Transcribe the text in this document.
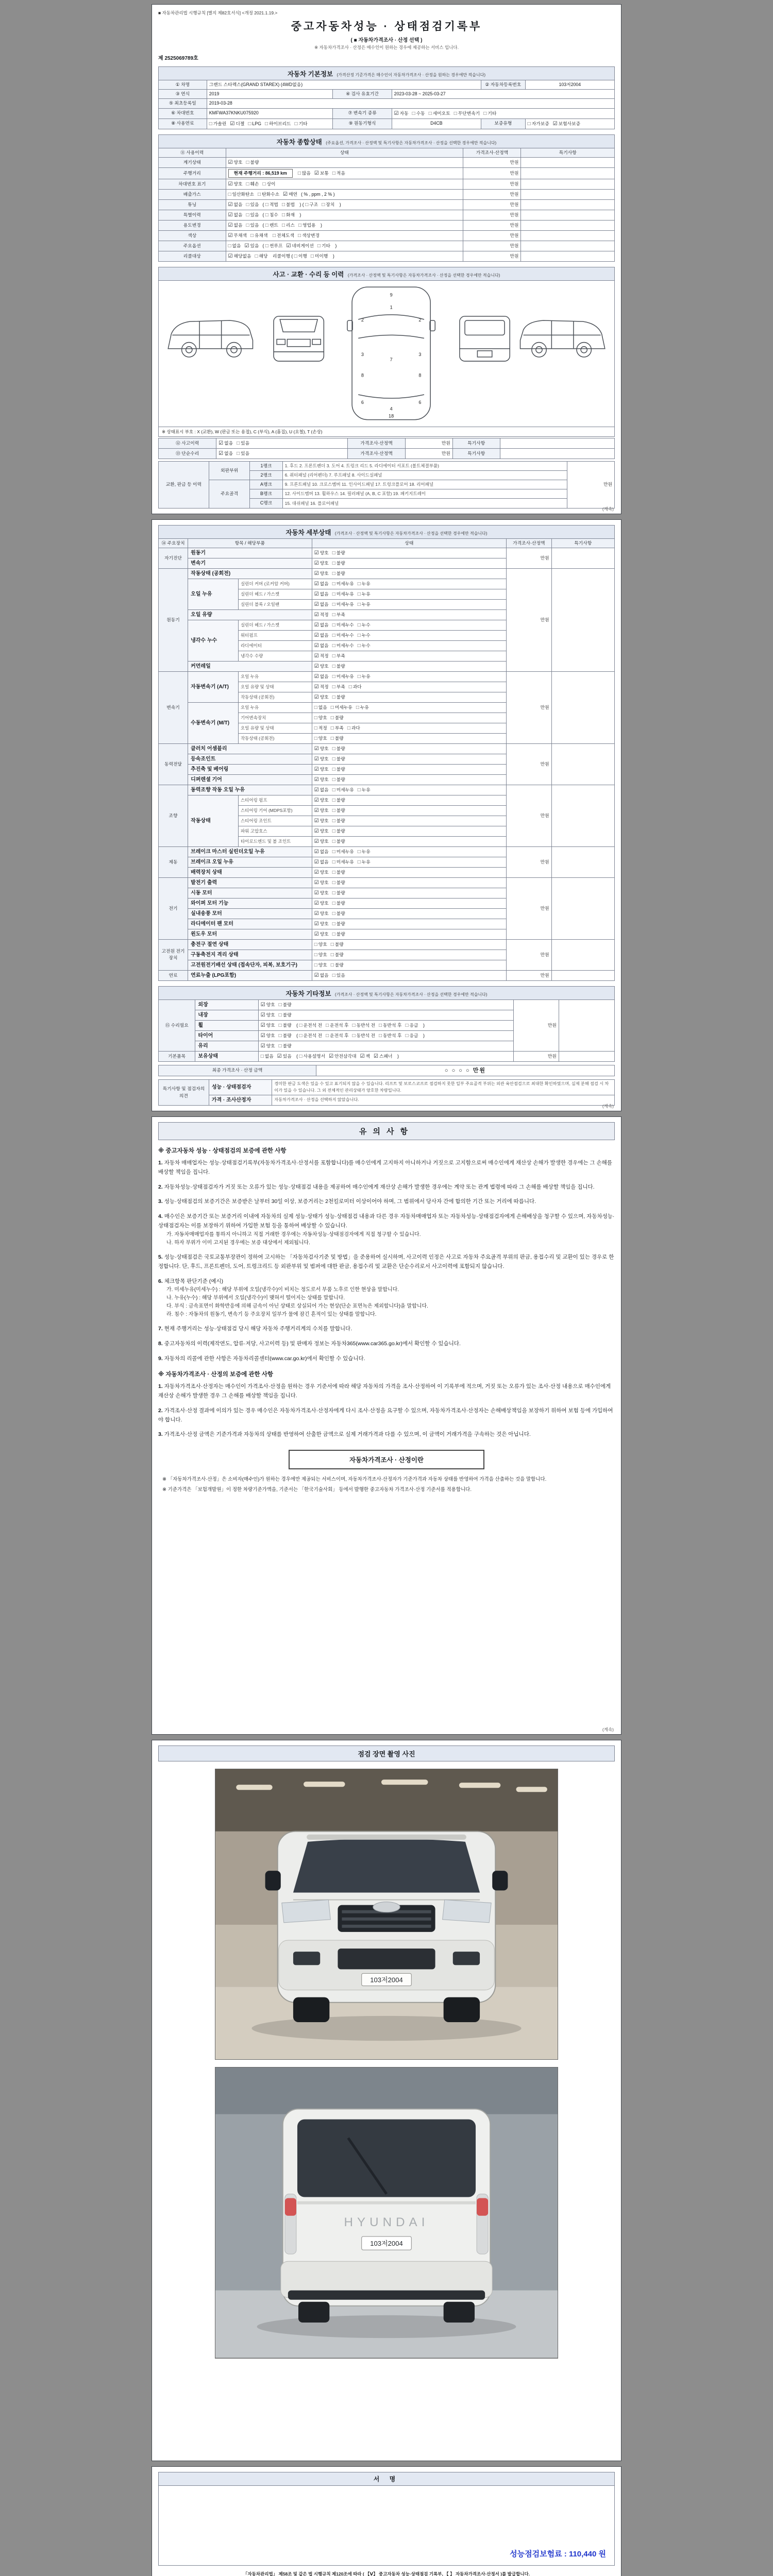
■ 자동차관리법 시행규칙 [별지 제82호서식] <개정 2021.1.19.>
중고자동차성능 · 상태점검기록부
( ■ 자동차가격조사 · 산정 선택 )
※ 자동차가격조사 · 산정은 매수인이 원하는 경우에 제공하는 서비스 입니다.
제 2525069789호
자동차 기본정보 (가격산정 기준가격은 매수인이 자동차가격조사 · 산정을 원하는 경우에만 적습니다)
① 차명	그랜드 스타렉스(GRAND STAREX) (4WD없음)			② 자동차등록번호	103저2004
③ 연식	2019	④ 검사 유효기간	2023-03-28 ~ 2025-03-27		
⑤ 최초등록일	2019-03-28				
⑥ 차대번호	KMFWA37KNKU075920	⑦ 변속기 종류	☑ 자동 □ 수동 □ 세미오토 □ 무단변속기 □ 기타		
⑧ 사용연료	□ 가솔린 ☑ 디젤 □ LPG □ 하이브리드 □ 기타	⑨ 원동기형식	D4CB	보증유형	□ 자가보증 ☑ 보험사보증
자동차 종합상태 (주요옵션, 가격조사 · 산정액 및 특기사항은 자동차가격조사 · 산정을 선택한 경우에만 적습니다)
⑪ 사용이력	상태	가격조사·산정액	특기사항
계기상태	☑ 양호 □ 불량	만원	
주행거리	현재 주행거리 : 86,519 km □ 많음 ☑ 보통 □ 적음	만원	
차대번호 표기	☑ 양호 □ 훼손 □ 상이	만원	
배출가스	□ 일산화탄소 □ 탄화수소 ☑ 매연 ( % , ppm , 2 % )	만원	
튜닝	☑ 없음 □ 있음 ( □ 적법 □ 불법 ) ( □ 구조 □ 장치 )	만원	
특별이력	☑ 없음 □ 있음 ( □ 침수 □ 화재 )	만원	
용도변경	☑ 없음 □ 있음 ( □ 렌트 □ 리스 □ 영업용 )	만원	
색상	☑ 무채색 □ 유채색 □ 전체도색 □ 색상변경	만원	
주요옵션	□ 없음 ☑ 있음 ( □ 썬루프 ☑ 네비게이션 □ 기타 )	만원	
리콜대상	☑ 해당없음 □ 해당 리콜이행 ( □ 이행 □ 미이행 )	만원	
사고 · 교환 · 수리 등 이력 (가격조사 · 산정액 및 특기사항은 자동차가격조사 · 산정을 선택한 경우에만 적습니다)
9
1
2	2
3	3
7
8	8
6	6
4
18
※ 상태표시 부호 : X (교환), W (판금 또는 용접), C (부식), A (흠집), U (요철), T (손상)
⑫ 사고이력	☑ 없음 □ 있음	가격조사·산정액	만원	특기사항	
⑬ 단순수리	☑ 없음 □ 있음	가격조사·산정액	만원	특기사항	
교환, 판금 등 이력	외판부위	1랭크	1. 후드 2. 프론트펜더 3. 도어 4. 트렁크 리드 5. 라디에이터 서포트 (볼트체결부품)	만원
		2랭크	6. 쿼터패널 (리어펜더) 7. 루프패널 8. 사이드실패널	
	주요골격	A랭크	9. 프론트패널 10. 크로스멤버 11. 인사이드패널 17. 트렁크플로어 18. 리어패널	
		B랭크	12. 사이드멤버 13. 휠하우스 14. 필러패널 (A, B, C 포함) 19. 패키지트레이	
		C랭크	15. 대쉬패널 16. 플로어패널	
(계속)
자동차 세부상태 (가격조사 · 산정액 및 특기사항은 자동차가격조사 · 산정을 선택한 경우에만 적습니다)
⑭ 주요장치	항목 / 해당부품		상태	가격조사·산정액	특기사항
자기진단	원동기		☑ 양호 □ 불량	만원	
	변속기		☑ 양호 □ 불량		
원동기	작동상태 (공회전)		☑ 양호 □ 불량	만원	
	오일 누유	실린더 커버 (로커암 커버)	☑ 없음 □ 미세누유 □ 누유		
		실린더 헤드 / 가스켓	☑ 없음 □ 미세누유 □ 누유		
		실린더 블록 / 오일팬	☑ 없음 □ 미세누유 □ 누유		
	오일 유량		☑ 적정 □ 부족		
	냉각수 누수	실린더 헤드 / 가스켓	☑ 없음 □ 미세누수 □ 누수		
		워터펌프	☑ 없음 □ 미세누수 □ 누수		
		라디에이터	☑ 없음 □ 미세누수 □ 누수		
		냉각수 수량	☑ 적정 □ 부족		
	커먼레일		☑ 양호 □ 불량		
변속기	자동변속기 (A/T)	오일 누유	☑ 없음 □ 미세누유 □ 누유	만원	
		오일 유량 및 상태	☑ 적정 □ 부족 □ 과다		
		작동상태 (공회전)	☑ 양호 □ 불량		
	수동변속기 (M/T)	오일 누유	□ 없음 □ 미세누유 □ 누유		
		기어변속장치	□ 양호 □ 불량		
		오일 유량 및 상태	□ 적정 □ 부족 □ 과다		
		작동상태 (공회전)	□ 양호 □ 불량		
동력전달	클러치 어셈블리		☑ 양호 □ 불량	만원	
	등속조인트		☑ 양호 □ 불량		
	추진축 및 베어링		☑ 양호 □ 불량		
	디퍼렌셜 기어		☑ 양호 □ 불량		
조향	동력조향 작동 오일 누유		☑ 없음 □ 미세누유 □ 누유	만원	
	작동상태	스티어링 펌프	☑ 양호 □ 불량		
		스티어링 기어 (MDPS포함)	☑ 양호 □ 불량		
		스티어링 조인트	☑ 양호 □ 불량		
		파워 고압호스	☑ 양호 □ 불량		
		타이로드엔드 및 볼 조인트	☑ 양호 □ 불량		
제동	브레이크 마스터 실린더오일 누유		☑ 없음 □ 미세누유 □ 누유	만원	
	브레이크 오일 누유		☑ 없음 □ 미세누유 □ 누유		
	배력장치 상태		☑ 양호 □ 불량		
전기	발전기 출력		☑ 양호 □ 불량	만원	
	시동 모터		☑ 양호 □ 불량		
	와이퍼 모터 기능		☑ 양호 □ 불량		
	실내송풍 모터		☑ 양호 □ 불량		
	라디에이터 팬 모터		☑ 양호 □ 불량		
	윈도우 모터		☑ 양호 □ 불량		
고전원 전기장치	충전구 절연 상태		□ 양호 □ 불량	만원	
	구동축전지 격리 상태		□ 양호 □ 불량		
	고전원전기배선 상태 (접속단자, 피복, 보호기구)		□ 양호 □ 불량		
연료	연료누출 (LPG포함)		☑ 없음 □ 있음	만원	
자동차 기타정보 (가격조사 · 산정액 및 특기사항은 자동차가격조사 · 산정을 선택한 경우에만 적습니다)
⑮ 수리필요	외장	☑ 양호 □ 불량	만원	
	내장	☑ 양호 □ 불량		
	휠	☑ 양호 □ 불량 ( □ 운전석 전 □ 운전석 후 □ 동반석 전 □ 동반석 후 □ 응급 )		
	타이어	☑ 양호 □ 불량 ( □ 운전석 전 □ 운전석 후 □ 동반석 전 □ 동반석 후 □ 응급 )		
	유리	☑ 양호 □ 불량		
기본품목	보유상태	□ 없음 ☑ 있음 ( □ 사용설명서 ☑ 안전삼각대 ☑ 잭 ☑ 스패너 )	만원	
최종 가격조사 · 산정 금액	○ ○ ○ ○ 만원
특기사항 및 점검자의 의견	성능 · 상태점검자	경미한 판금 도색은 있을 수 있고 표기되지 않을 수 있습니다. 리프트 및 보로스코프로 점검하지 못한 일부 주요골격 부위는 외관 육안점검으로 최대한 확인하였으며, 실제 분해 점검 시 차이가 있을 수 있습니다. 그 외 전체적인 관리상태가 양호한 차량입니다.
	가격 · 조사산정자	자동차가격조사 · 산정을 선택하지 않았습니다.
(계속)
유의사항
※ 중고자동차 성능 · 상태점검의 보증에 관한 사항
1. 자동차 매매업자는 성능·상태점검기록부(자동차가격조사·산정서를 포함합니다)를 매수인에게 고지하지 아니하거나 거짓으로 고지함으로써 매수인에게 재산상 손해가 발생한 경우에는 그 손해를 배상할 책임을 집니다.
2. 자동차성능·상태점검자가 거짓 또는 오류가 있는 성능·상태점검 내용을 제공하여 매수인에게 재산상 손해가 발생한 경우에는 계약 또는 관계 법령에 따라 그 손해를 배상할 책임을 집니다.
3. 성능·상태점검의 보증기간은 보증받은 날부터 30일 이상, 보증거리는 2천킬로미터 이상이어야 하며, 그 범위에서 당사자 간에 합의한 기간 또는 거리에 따릅니다.
4. 매수인은 보증기간 또는 보증거리 이내에 자동차의 실제 성능·상태가 성능·상태점검 내용과 다른 경우 자동차매매업자 또는 자동차성능·상태점검자에게 손해배상을 청구할 수 있으며, 자동차성능·상태점검자는 이를 보장하기 위하여 가입한 보험 등을 통하여 배상할 수 있습니다.
가. 자동차매매업자를 통하지 아니하고 직접 거래한 경우에는 자동차성능·상태점검자에게 직접 청구할 수 있습니다.
나. 하자 부위가 이미 고지된 경우에는 보증 대상에서 제외됩니다.
5. 성능·상태점검은 국토교통부장관이 정하여 고시하는 「자동차검사기준 및 방법」을 준용하여 실시하며, 사고이력 인정은 사고로 자동차 주요골격 부위의 판금, 용접수리 및 교환이 있는 경우로 한정합니다. 단, 후드, 프론트펜더, 도어, 트렁크리드 등 외판부위 및 범퍼에 대한 판금, 용접수리 및 교환은 단순수리로서 사고이력에 포함되지 않습니다.
6. 체크항목 판단기준 (예시)
가. 미세누유(미세누수) : 해당 부위에 오일(냉각수)이 비치는 정도로서 부품 노후로 인한 현상을 말합니다.
나. 누유(누수) : 해당 부위에서 오일(냉각수)이 맺혀서 떨어지는 상태를 말합니다.
다. 부식 : 금속표면이 화학반응에 의해 금속이 아닌 상태로 상실되어 가는 현상(단순 표면녹은 제외합니다)을 말합니다.
라. 침수 : 자동차의 원동기, 변속기 등 주요장치 일부가 물에 잠긴 흔적이 있는 상태를 말합니다.
7. 현재 주행거리는 성능·상태점검 당시 해당 자동차 주행거리계의 수치를 말합니다.
8. 중고자동차의 이력(제작연도, 압류·저당, 사고이력 등) 및 판매자 정보는 자동차365(www.car365.go.kr)에서 확인할 수 있습니다.
9. 자동차의 리콜에 관한 사항은 자동차리콜센터(www.car.go.kr)에서 확인할 수 있습니다.
※ 자동차가격조사 · 산정의 보증에 관한 사항
1. 자동차가격조사·산정자는 매수인이 가격조사·산정을 원하는 경우 기준서에 따라 해당 자동차의 가격을 조사·산정하여 이 기록부에 적으며, 거짓 또는 오류가 있는 조사·산정 내용으로 매수인에게 재산상 손해가 발생한 경우 그 손해를 배상할 책임을 집니다.
2. 가격조사·산정 결과에 이의가 있는 경우 매수인은 자동차가격조사·산정자에게 다시 조사·산정을 요구할 수 있으며, 자동차가격조사·산정자는 손해배상책임을 보장하기 위하여 보험 등에 가입하여야 합니다.
3. 가격조사·산정 금액은 기준가격과 자동차의 상태를 반영하여 산출한 금액으로 실제 거래가격과 다를 수 있으며, 이 금액이 거래가격을 구속하는 것은 아닙니다.
자동차가격조사 · 산정이란
※ 「자동차가격조사·산정」은 소비자(매수인)가 원하는 경우에만 제공되는 서비스이며, 자동차가격조사·산정자가 기준가격과 자동차 상태를 반영하여 가격을 산출하는 것을 말합니다.
※ 기준가격은 「보험개발원」이 정한 차량기준가액을, 기준서는 「한국기술사회」 등에서 발행한 중고자동차 가격조사·산정 기준서를 적용합니다.
(계속)
점검 장면 촬영 사진
103저2004
HYUNDAI
103저2004
서 명
성능점검보험료 : 110,440 원
「자동차관리법」 제58조 및 같은 법 시행규칙 제120조에 따라 ( 【Ⅴ】 중고자동차 성능·상태점검 기록부, 【 】 자동차가격조사·산정서 )를 발급합니다.
